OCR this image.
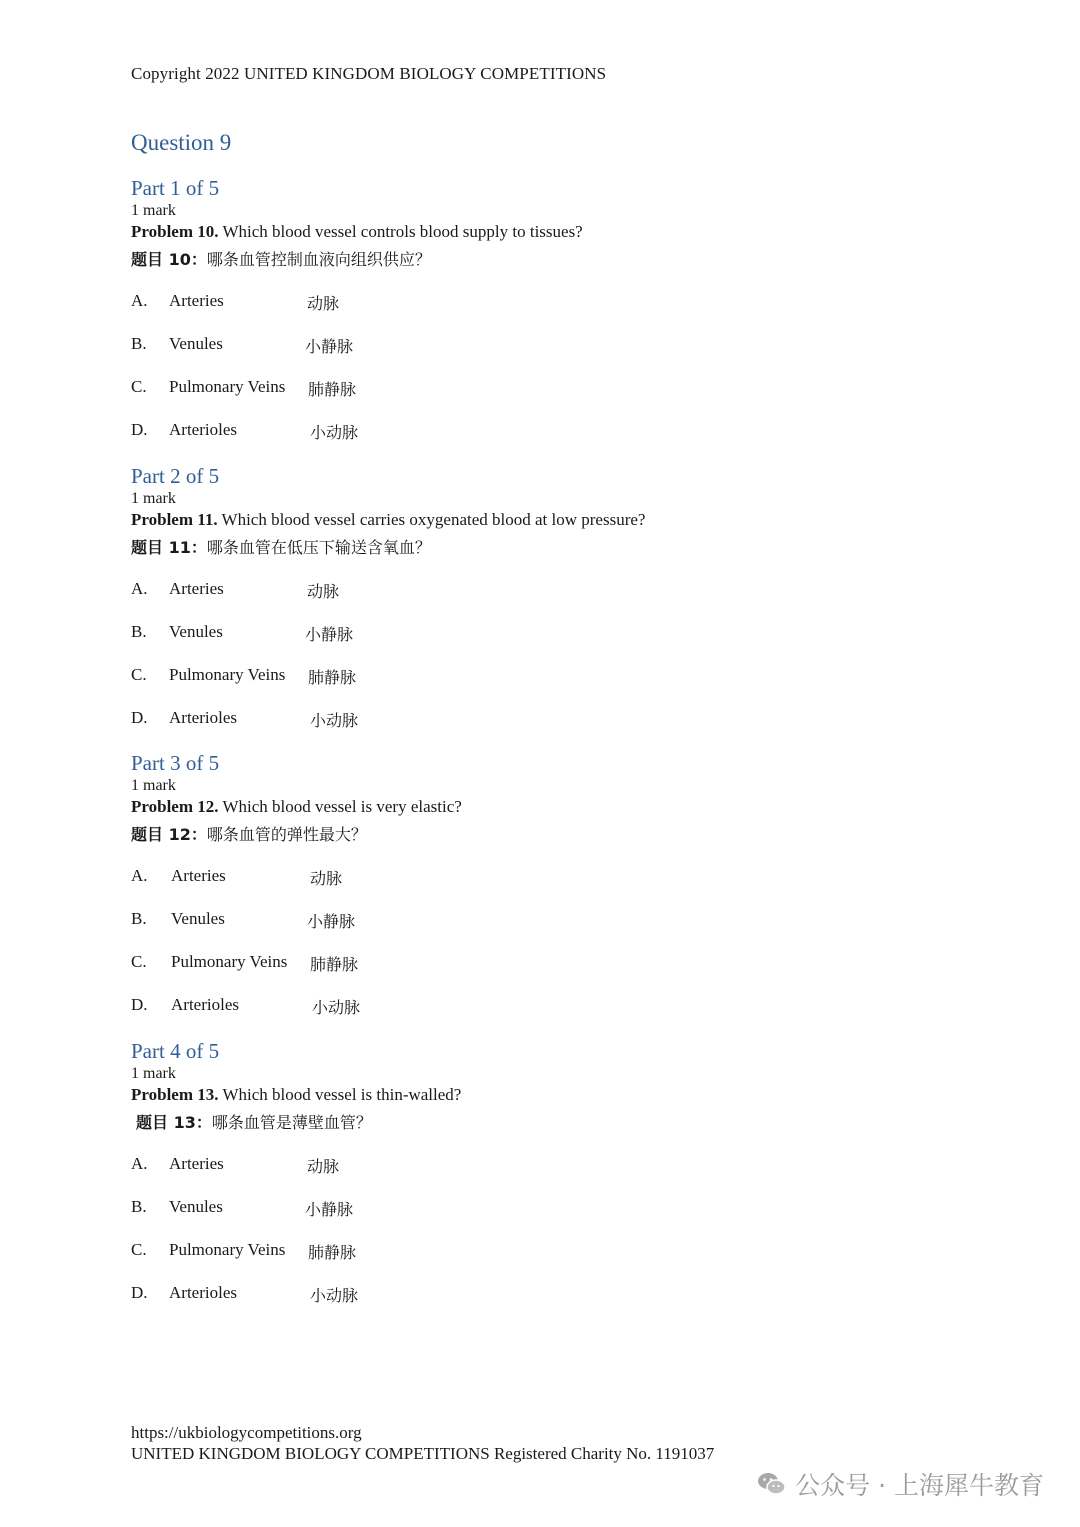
Copyright 2022 UNITED KINGDOM BIOLOGY COMPETITIONS
Question 9
Part 1 of 5
1 mark
Problem 10. Which blood vessel controls blood supply to tissues?
题目 10：哪条血管控制血液向组织供应？
A. Arteries	动脉
B. Venules	小静脉
C. Pulmonary Veins 肺静脉
D. Arterioles	小动脉
Part 2 of 5
1 mark
Problem 11. Which blood vessel carries oxygenated blood at low pressure?
题目 11：哪条血管在低压下输送含氧血？
A. Arteries	动脉
B. Venules	小静脉
C. Pulmonary Veins 肺静脉
D. Arterioles	小动脉
Part 3 of 5
1 mark
Problem 12. Which blood vessel is very elastic?
题目 12：哪条血管的弹性最大？
A. Arteries	动脉
B. Venules	小静脉
C. Pulmonary Veins 肺静脉
D. Arterioles	小动脉
Part 4 of 5
1 mark
Problem 13. Which blood vessel is thin-walled?
题目 13：哪条血管是薄壁血管？
A. Arteries	动脉
B. Venules	小静脉
C. Pulmonary Veins 肺静脉
D. Arterioles	小动脉
https://ukbiologycompetitions.org
UNITED KINGDOM BIOLOGY COMPETITIONS Registered Charity No. 1191037
公众号 · 上海犀牛教育
